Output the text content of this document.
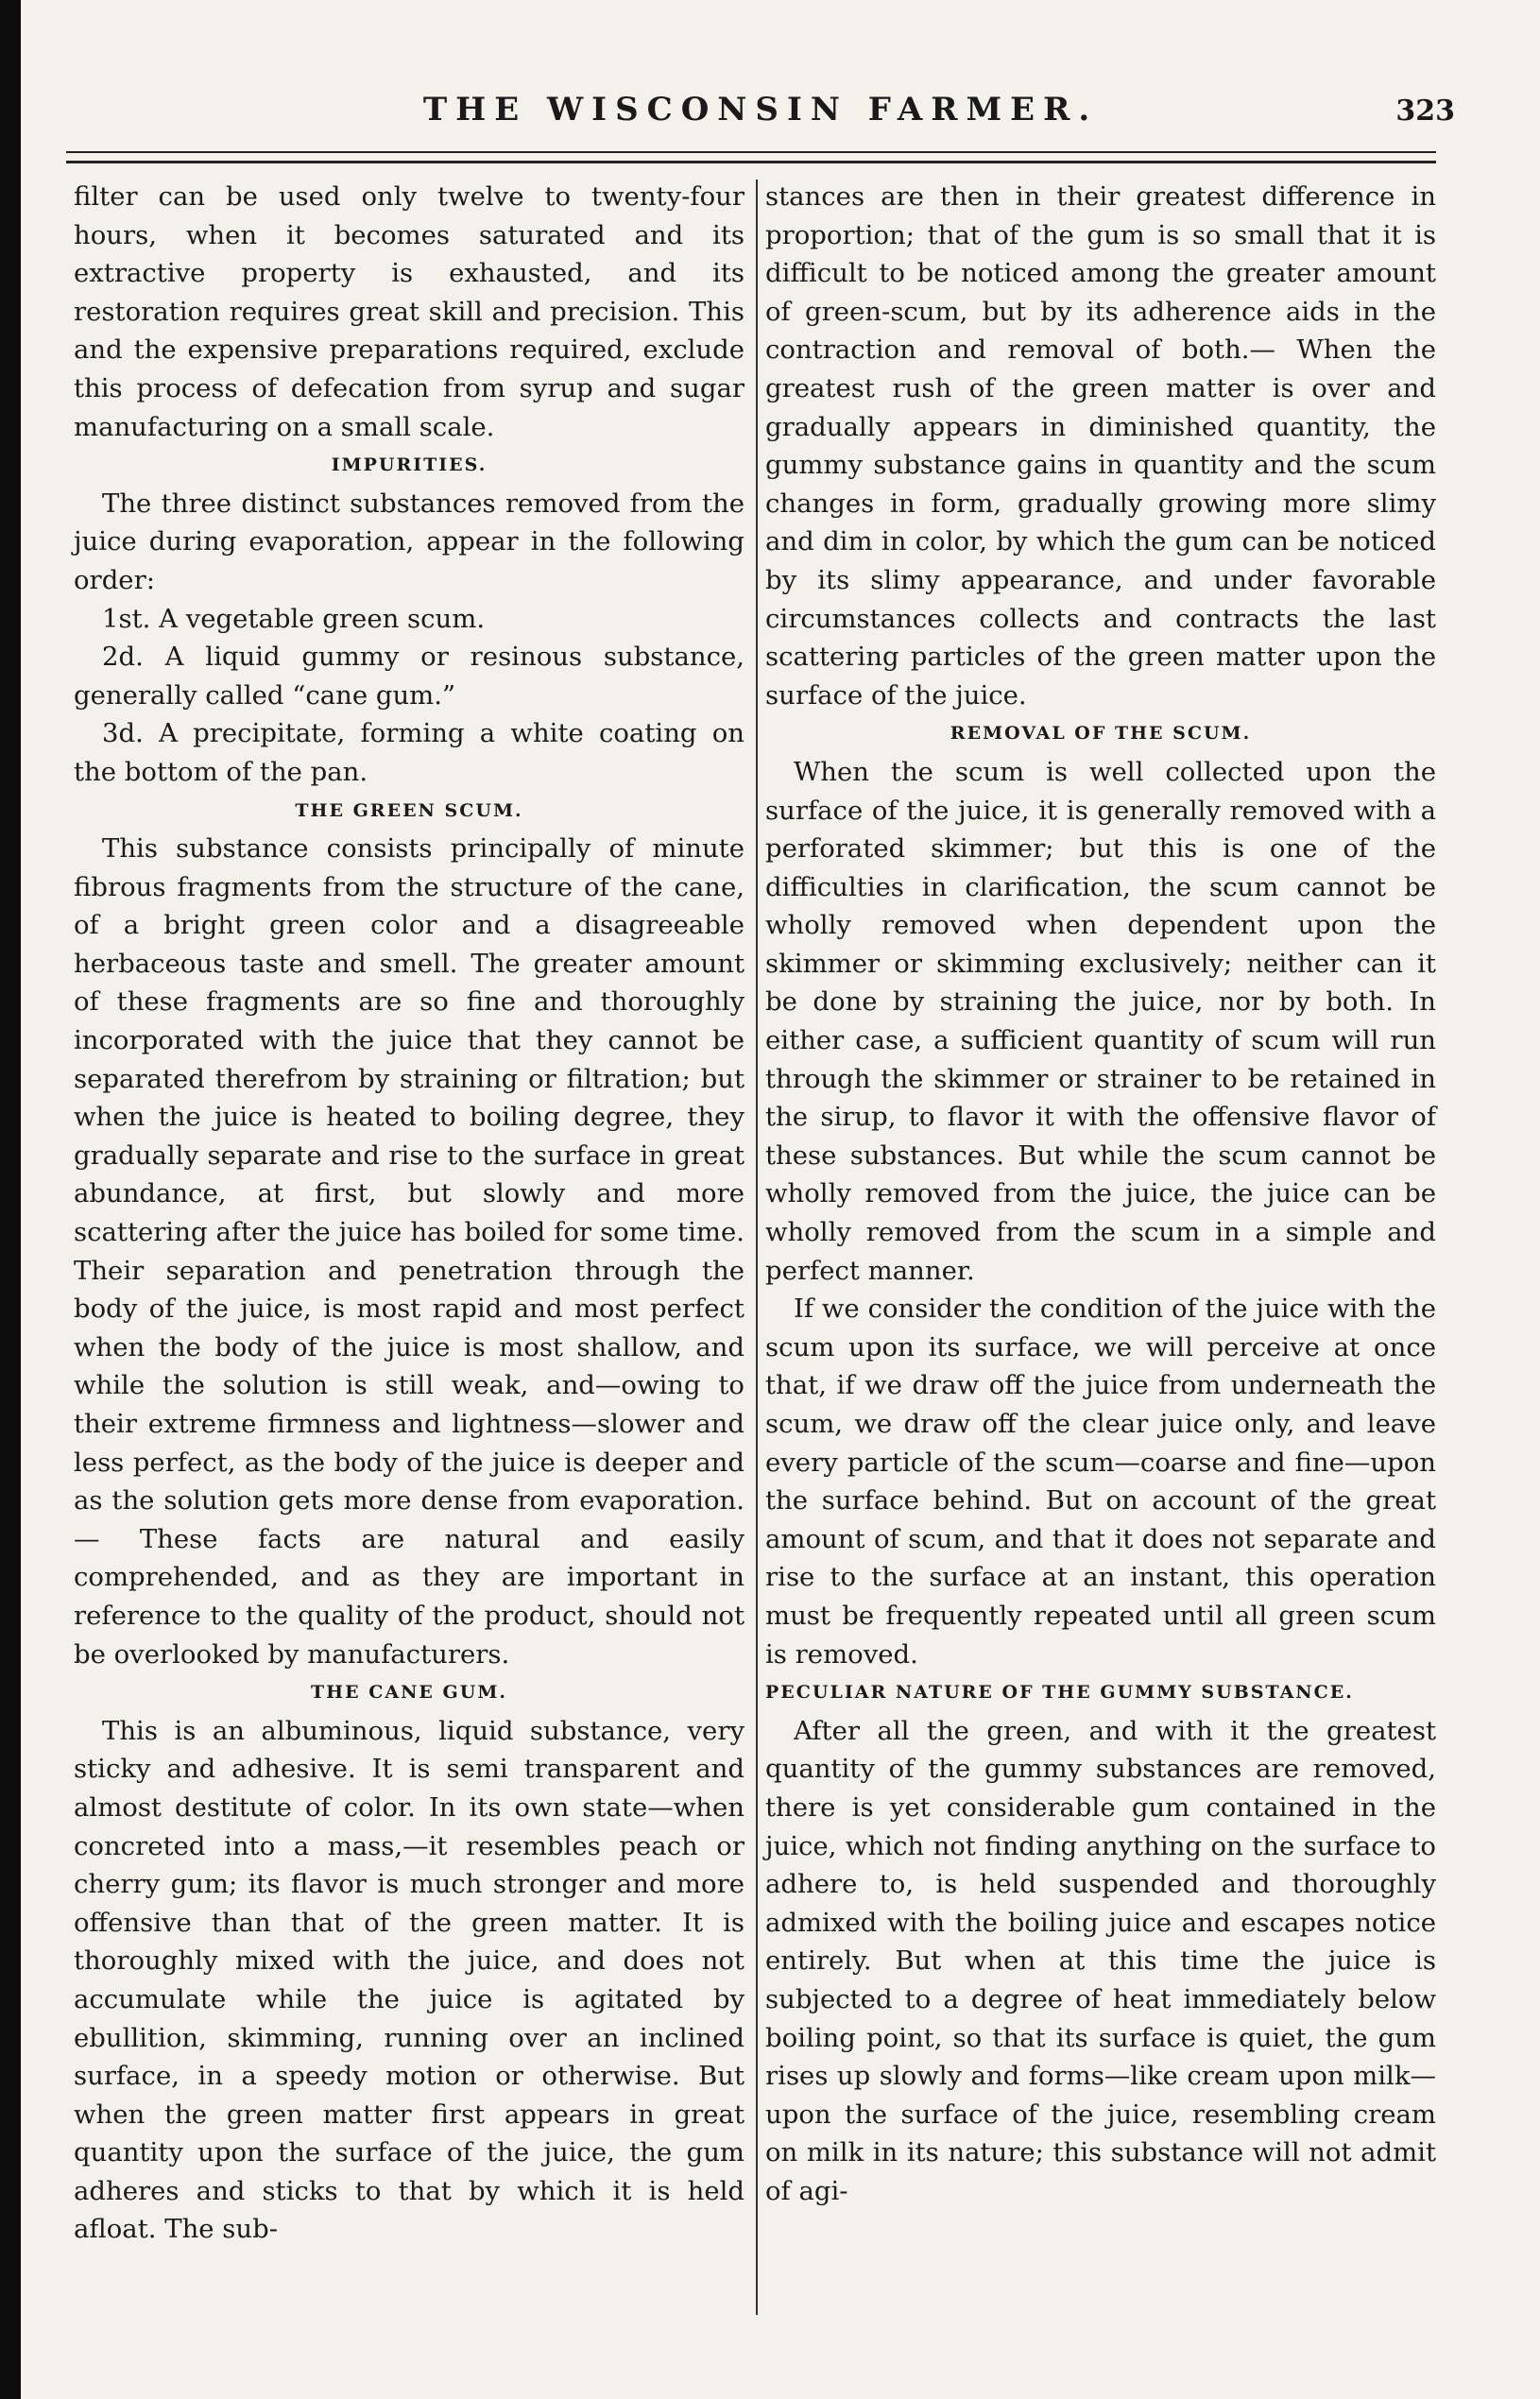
THE WISCONSIN FARMER.	323

filter can be used only twelve to twenty-four hours, when it becomes saturated and its extractive property is exhausted, and its restoration requires great skill and precision. This and the expensive preparations required, exclude this process of defecation from syrup and sugar manufacturing on a small scale.

IMPURITIES.

The three distinct substances removed from the juice during evaporation, appear in the following order:

1st. A vegetable green scum.

2d. A liquid gummy or resinous substance, generally called “cane gum.”

3d. A precipitate, forming a white coating on the bottom of the pan.

THE GREEN SCUM.

This substance consists principally of minute fibrous fragments from the structure of the cane, of a bright green color and a disagreeable herbaceous taste and smell. The greater amount of these fragments are so fine and thoroughly incorporated with the juice that they cannot be separated therefrom by straining or filtration; but when the juice is heated to boiling degree, they gradually separate and rise to the surface in great abundance, at first, but slowly and more scattering after the juice has boiled for some time. Their separation and penetration through the body of the juice, is most rapid and most perfect when the body of the juice is most shallow, and while the solution is still weak, and—owing to their extreme firmness and lightness—slower and less perfect, as the body of the juice is deeper and as the solution gets more dense from evaporation.— These facts are natural and easily comprehended, and as they are important in reference to the quality of the product, should not be overlooked by manufacturers.

THE CANE GUM.

This is an albuminous, liquid substance, very sticky and adhesive. It is semi transparent and almost destitute of color. In its own state—when concreted into a mass,—it resembles peach or cherry gum; its flavor is much stronger and more offensive than that of the green matter. It is thoroughly mixed with the juice, and does not accumulate while the juice is agitated by ebullition, skimming, running over an inclined surface, in a speedy motion or otherwise. But when the green matter first appears in great quantity upon the surface of the juice, the gum adheres and sticks to that by which it is held afloat. The sub-

stances are then in their greatest difference in proportion; that of the gum is so small that it is difficult to be noticed among the greater amount of green-scum, but by its adherence aids in the contraction and removal of both.— When the greatest rush of the green matter is over and gradually appears in diminished quantity, the gummy substance gains in quantity and the scum changes in form, gradually growing more slimy and dim in color, by which the gum can be noticed by its slimy appearance, and under favorable circumstances collects and contracts the last scattering particles of the green matter upon the surface of the juice.

REMOVAL OF THE SCUM.

When the scum is well collected upon the surface of the juice, it is generally removed with a perforated skimmer; but this is one of the difficulties in clarification, the scum cannot be wholly removed when dependent upon the skimmer or skimming exclusively; neither can it be done by straining the juice, nor by both. In either case, a sufficient quantity of scum will run through the skimmer or strainer to be retained in the sirup, to flavor it with the offensive flavor of these substances. But while the scum cannot be wholly removed from the juice, the juice can be wholly removed from the scum in a simple and perfect manner.

If we consider the condition of the juice with the scum upon its surface, we will perceive at once that, if we draw off the juice from underneath the scum, we draw off the clear juice only, and leave every particle of the scum—coarse and fine—upon the surface behind. But on account of the great amount of scum, and that it does not separate and rise to the surface at an instant, this operation must be frequently repeated until all green scum is removed.

PECULIAR NATURE OF THE GUMMY SUBSTANCE.

After all the green, and with it the greatest quantity of the gummy substances are removed, there is yet considerable gum contained in the juice, which not finding anything on the surface to adhere to, is held suspended and thoroughly admixed with the boiling juice and escapes notice entirely. But when at this time the juice is subjected to a degree of heat immediately below boiling point, so that its surface is quiet, the gum rises up slowly and forms—like cream upon milk—upon the surface of the juice, resembling cream on milk in its nature; this substance will not admit of agi-
